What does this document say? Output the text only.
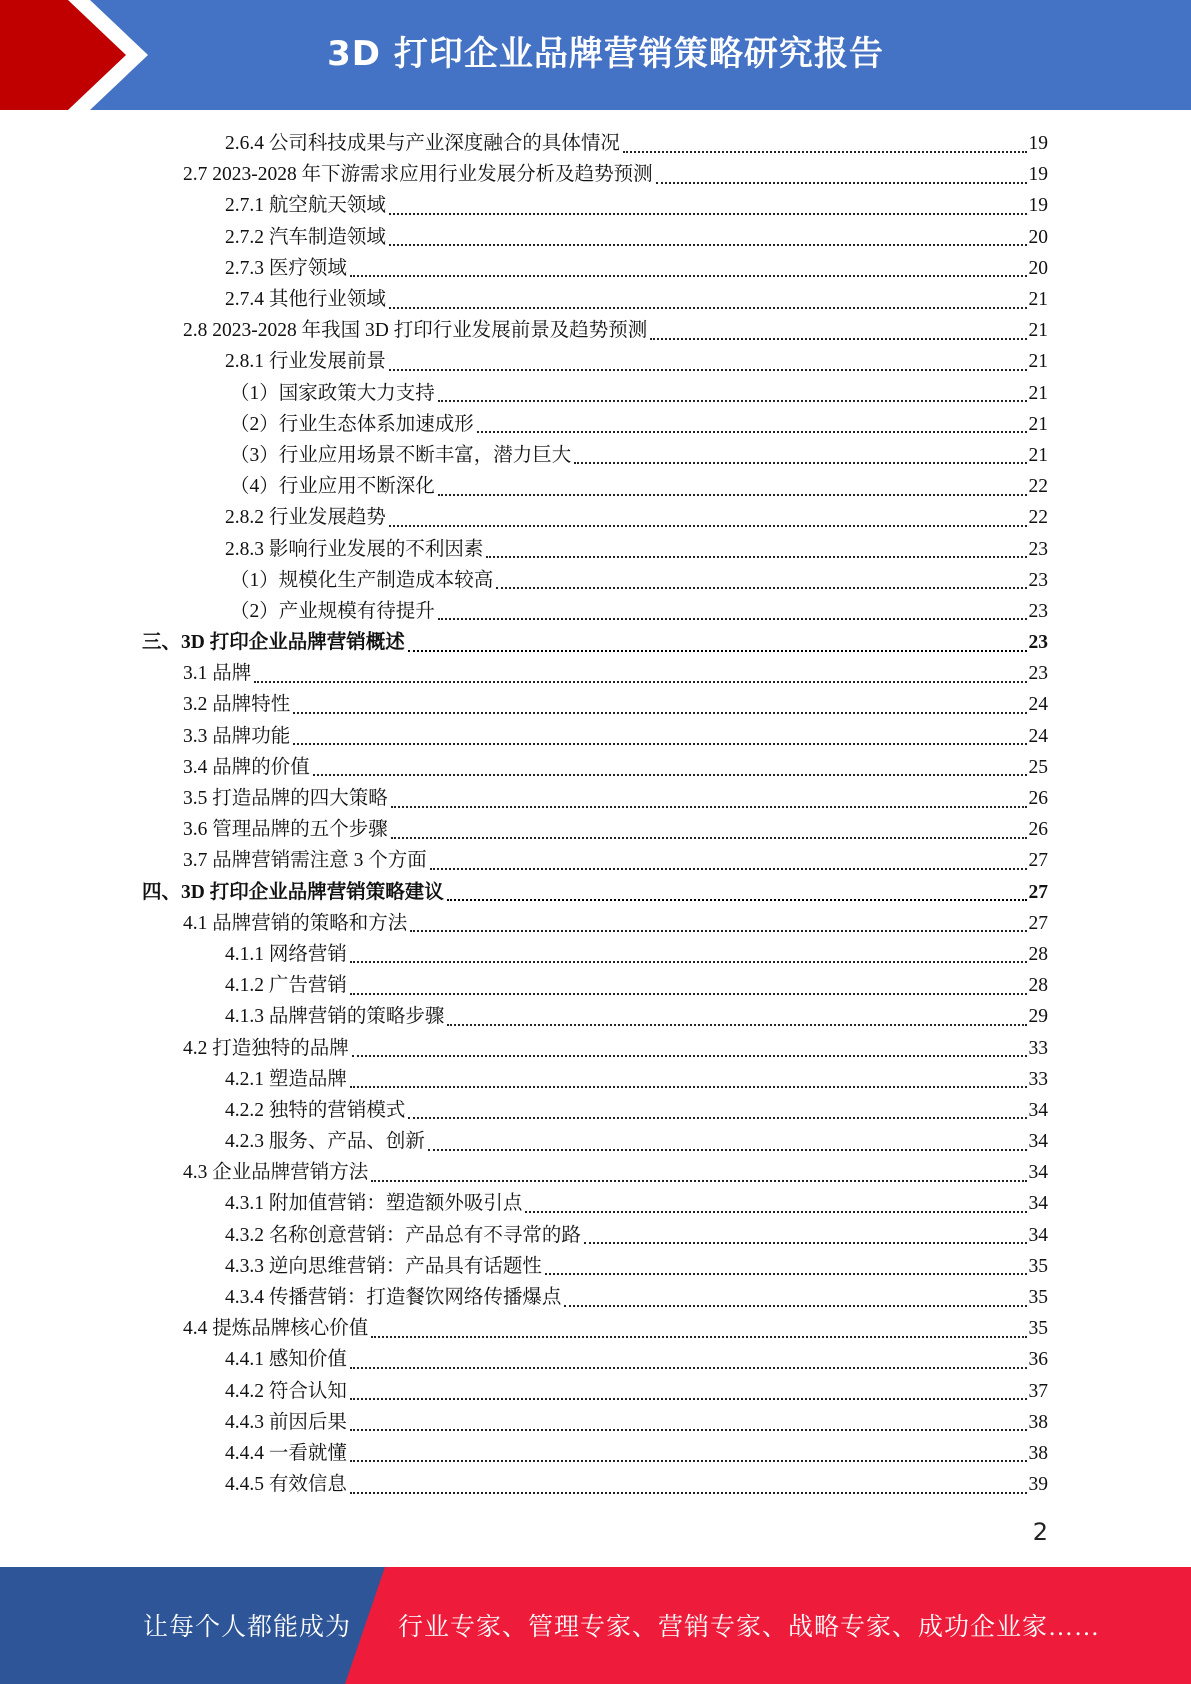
3D 打印企业品牌营销策略研究报告
2.6.4 公司科技成果与产业深度融合的具体情况	19
2.7 2023-2028 年下游需求应用行业发展分析及趋势预测	19
2.7.1 航空航天领域	19
2.7.2 汽车制造领域	20
2.7.3 医疗领域	20
2.7.4 其他行业领域	21
2.8 2023-2028 年我国 3D 打印行业发展前景及趋势预测	21
2.8.1 行业发展前景	21
（1）国家政策大力支持	21
（2）行业生态体系加速成形	21
（3）行业应用场景不断丰富，潜力巨大	21
（4）行业应用不断深化	22
2.8.2 行业发展趋势	22
2.8.3 影响行业发展的不利因素	23
（1）规模化生产制造成本较高	23
（2）产业规模有待提升	23
三、3D 打印企业品牌营销概述	23
3.1 品牌	23
3.2 品牌特性	24
3.3 品牌功能	24
3.4 品牌的价值	25
3.5 打造品牌的四大策略	26
3.6 管理品牌的五个步骤	26
3.7 品牌营销需注意 3 个方面	27
四、3D 打印企业品牌营销策略建议	27
4.1 品牌营销的策略和方法	27
4.1.1 网络营销	28
4.1.2 广告营销	28
4.1.3 品牌营销的策略步骤	29
4.2 打造独特的品牌	33
4.2.1 塑造品牌	33
4.2.2 独特的营销模式	34
4.2.3 服务、产品、创新	34
4.3 企业品牌营销方法	34
4.3.1 附加值营销：塑造额外吸引点	34
4.3.2 名称创意营销：产品总有不寻常的路	34
4.3.3 逆向思维营销：产品具有话题性	35
4.3.4 传播营销：打造餐饮网络传播爆点	35
4.4 提炼品牌核心价值	35
4.4.1 感知价值	36
4.4.2 符合认知	37
4.4.3 前因后果	38
4.4.4 一看就懂	38
4.4.5 有效信息	39
2
让每个人都能成为 行业专家、管理专家、营销专家、战略专家、成功企业家……
